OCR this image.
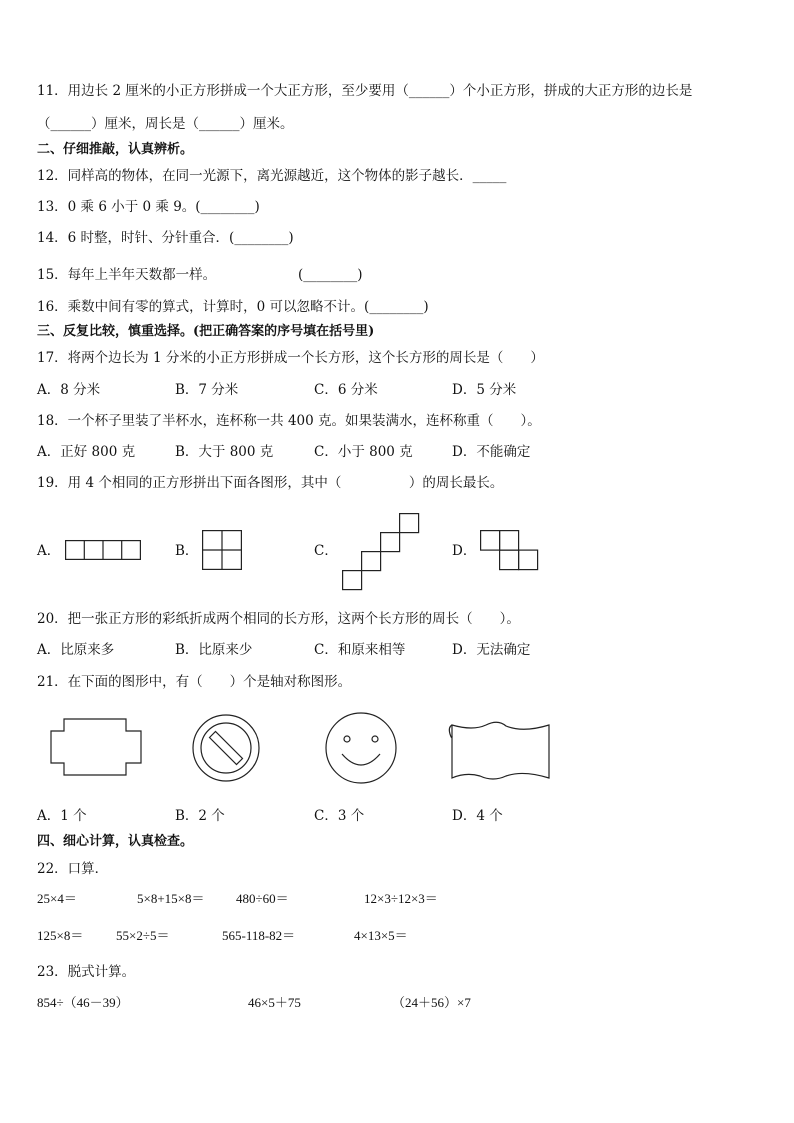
11．用边长 2 厘米的小正方形拼成一个大正方形，至少要用（______）个小正方形，拼成的大正方形的边长是
（______）厘米，周长是（______）厘米。
二、仔细推敲，认真辨析。
12．同样高的物体，在同一光源下，离光源越近，这个物体的影子越长．_____
13．0 乘 6 小于 0 乘 9。(________)
14．6 时整，时针、分针重合．(________)
15．每年上半年天数都一样。	(________)
16．乘数中间有零的算式，计算时，0 可以忽略不计。(________)
三、反复比较，慎重选择。(把正确答案的序号填在括号里)
17．将两个边长为 1 分米的小正方形拼成一个长方形，这个长方形的周长是（　　）
A．8 分米	B．7 分米	C．6 分米	D．5 分米
18．一个杯子里装了半杯水，连杯称一共 400 克。如果装满水，连杯称重（　　）。
A．正好 800 克	B．大于 800 克	C．小于 800 克	D．不能确定
19．用 4 个相同的正方形拼出下面各图形，其中（　　　　　）的周长最长。
A．	B．	C．	D．
20．把一张正方形的彩纸折成两个相同的长方形，这两个长方形的周长（　　）。
A．比原来多	B．比原来少	C．和原来相等	D．无法确定
21．在下面的图形中，有（　　）个是轴对称图形。
A．1 个	B．2 个	C．3 个	D．4 个
四、细心计算，认真检查。
22．口算．
25×4＝	5×8+15×8＝ 480÷60＝	12×3÷12×3＝
125×8＝	55×2÷5＝	565-118-82＝	4×13×5＝
23．脱式计算。
854÷（46－39）	46×5＋75	（24＋56）×7
